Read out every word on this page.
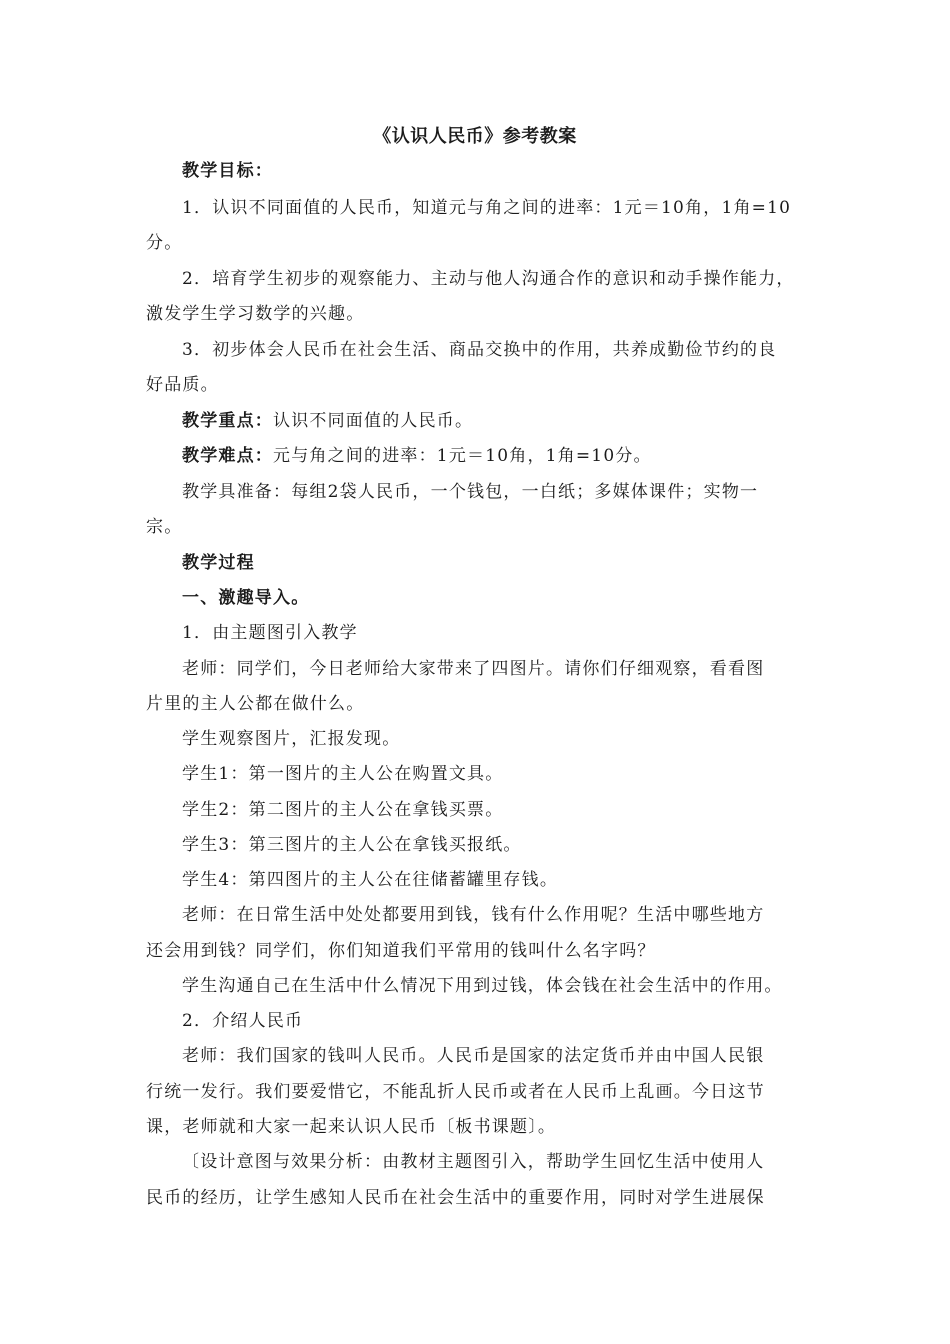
《认识人民币》参考教案
教学目标：
1．认识不同面值的人民币，知道元与角之间的进率：1元＝10角，1角=10
分。
2．培育学生初步的观察能力、主动与他人沟通合作的意识和动手操作能力，
激发学生学习数学的兴趣。
3．初步体会人民币在社会生活、商品交换中的作用，共养成勤俭节约的良
好品质。
教学重点：认识不同面值的人民币。
教学难点：元与角之间的进率：1元＝10角，1角=10分。
教学具准备：每组2袋人民币，一个钱包，一白纸；多媒体课件；实物一
宗。
教学过程
一、激趣导入。
1．由主题图引入教学
老师：同学们，今日老师给大家带来了四图片。请你们仔细观察，看看图
片里的主人公都在做什么。
学生观察图片，汇报发现。
学生1：第一图片的主人公在购置文具。
学生2：第二图片的主人公在拿钱买票。
学生3：第三图片的主人公在拿钱买报纸。
学生4：第四图片的主人公在往储蓄罐里存钱。
老师：在日常生活中处处都要用到钱，钱有什么作用呢？生活中哪些地方
还会用到钱？同学们，你们知道我们平常用的钱叫什么名字吗？
学生沟通自己在生活中什么情况下用到过钱，体会钱在社会生活中的作用。
2．介绍人民币
老师：我们国家的钱叫人民币。人民币是国家的法定货币并由中国人民银
行统一发行。我们要爱惜它，不能乱折人民币或者在人民币上乱画。今日这节
课，老师就和大家一起来认识人民币〔板书课题〕。
〔设计意图与效果分析：由教材主题图引入，帮助学生回忆生活中使用人
民币的经历，让学生感知人民币在社会生活中的重要作用，同时对学生进展保
